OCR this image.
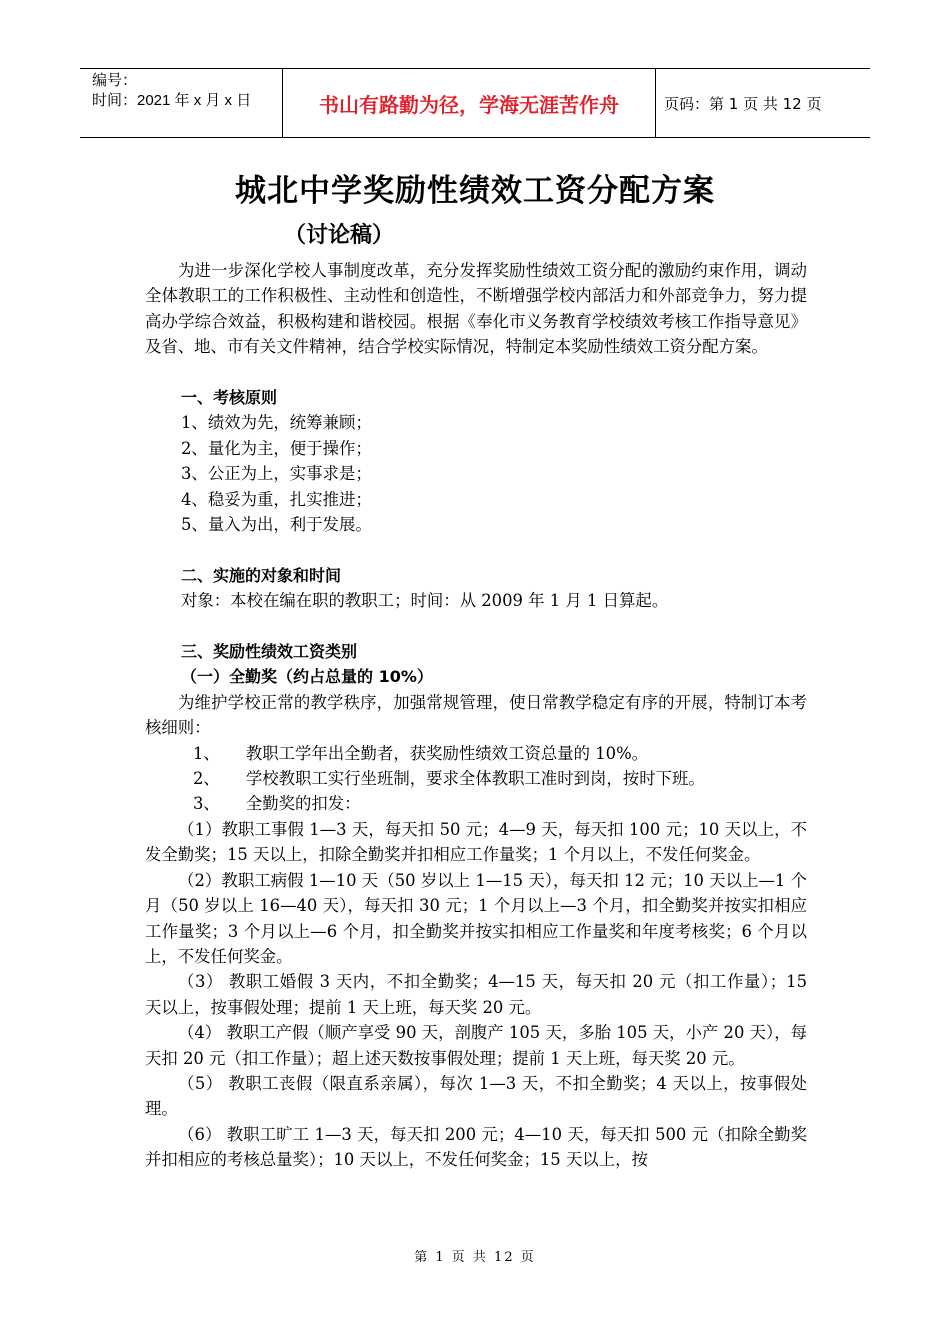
编号：
时间：2021 年 x 月 x 日	书山有路勤为径，学海无涯苦作舟	页码：第 1 页 共 12 页
城北中学奖励性绩效工资分配方案
（讨论稿）

为进一步深化学校人事制度改革，充分发挥奖励性绩效工资分配的激励约束作用，调动全体教职工的工作积极性、主动性和创造性，不断增强学校内部活力和外部竞争力，努力提高办学综合效益，积极构建和谐校园。根据《奉化市义务教育学校绩效考核工作指导意见》及省、地、市有关文件精神，结合学校实际情况，特制定本奖励性绩效工资分配方案。

一、考核原则

1、绩效为先，统筹兼顾；

2、量化为主，便于操作；

3、公正为上，实事求是；

4、稳妥为重，扎实推进；

5、量入为出，利于发展。

二、实施的对象和时间

对象：本校在编在职的教职工；时间：从 2009 年 1 月 1 日算起。

三、奖励性绩效工资类别

（一）全勤奖（约占总量的 10%）

为维护学校正常的教学秩序，加强常规管理，使日常教学稳定有序的开展，特制订本考核细则：

1、 教职工学年出全勤者，获奖励性绩效工资总量的 10%。

2、 学校教职工实行坐班制，要求全体教职工准时到岗，按时下班。

3、 全勤奖的扣发：

（1）教职工事假 1—3 天，每天扣 50 元；4—9 天，每天扣 100 元；10 天以上，不发全勤奖；15 天以上，扣除全勤奖并扣相应工作量奖；1 个月以上，不发任何奖金。

（2）教职工病假 1—10 天（50 岁以上 1—15 天），每天扣 12 元；10 天以上—1 个月（50 岁以上 16—40 天），每天扣 30 元；1 个月以上—3 个月，扣全勤奖并按实扣相应工作量奖；3 个月以上—6 个月，扣全勤奖并按实扣相应工作量奖和年度考核奖；6 个月以上，不发任何奖金。

（3） 教职工婚假 3 天内，不扣全勤奖；4—15 天，每天扣 20 元（扣工作量）；15 天以上，按事假处理；提前 1 天上班，每天奖 20 元。

（4） 教职工产假（顺产享受 90 天，剖腹产 105 天，多胎 105 天，小产 20 天），每天扣 20 元（扣工作量）；超上述天数按事假处理；提前 1 天上班，每天奖 20 元。

（5） 教职工丧假（限直系亲属），每次 1—3 天，不扣全勤奖；4 天以上，按事假处理。

（6） 教职工旷工 1—3 天，每天扣 200 元；4—10 天，每天扣 500 元（扣除全勤奖并扣相应的考核总量奖）；10 天以上，不发任何奖金；15 天以上，按

第 1 页 共 12 页
